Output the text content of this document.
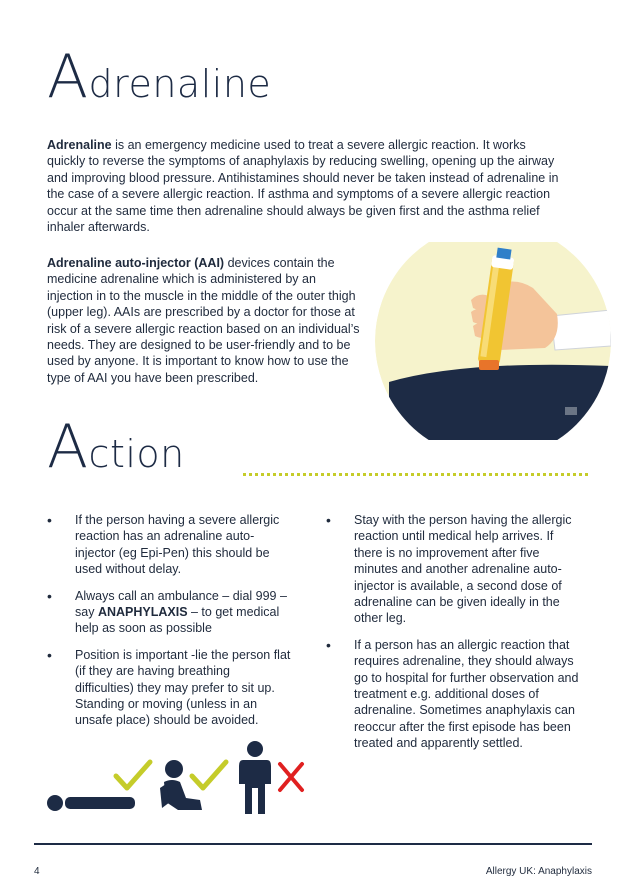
Adrenaline

Adrenaline is an emergency medicine used to treat a severe allergic reaction. It works quickly to reverse the symptoms of anaphylaxis by reducing swelling, opening up the airway and improving blood pressure. Antihistamines should never be taken instead of adrenaline in the case of a severe allergic reaction. If asthma and symptoms of a severe allergic reaction occur at the same time then adrenaline should always be given first and the asthma relief inhaler afterwards.

Adrenaline auto-injector (AAI) devices contain the medicine adrenaline which is administered by an injection in to the muscle in the middle of the outer thigh (upper leg). AAIs are prescribed by a doctor for those at risk of a severe allergic reaction based on an individual’s needs. They are designed to be user-friendly and to be used by anyone. It is important to know how to use the type of AAI you have been prescribed.

Action
• If the person having a severe allergic reaction has an adrenaline auto-injector (eg Epi-Pen) this should be used without delay.
• Always call an ambulance – dial 999 – say ANAPHYLAXIS – to get medical help as soon as possible
• Position is important -lie the person flat (if they are having breathing difficulties) they may prefer to sit up. Standing or moving (unless in an unsafe place) should be avoided.
• Stay with the person having the allergic reaction until medical help arrives. If there is no improvement after five minutes and another adrenaline auto-injector is available, a second dose of adrenaline can be given ideally in the other leg.
• If a person has an allergic reaction that requires adrenaline, they should always go to hospital for further observation and treatment e.g. additional doses of adrenaline. Sometimes anaphylaxis can reoccur after the first episode has been treated and apparently settled.
4	Allergy UK: Anaphylaxis
